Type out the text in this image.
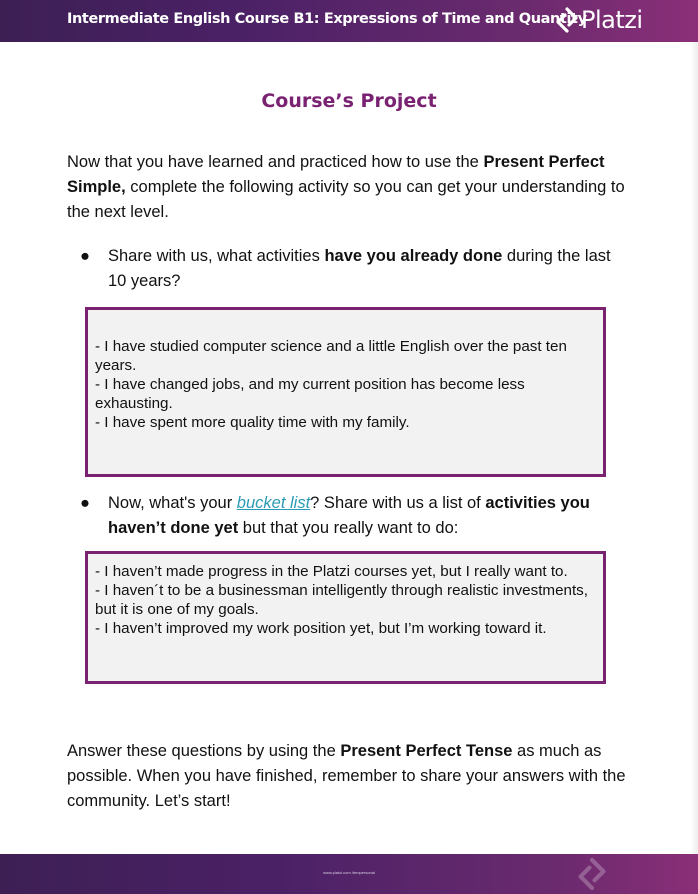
Intermediate English Course B1: Expressions of Time and Quantity
Platzi
Course’s Project
Now that you have learned and practiced how to use the Present Perfect Simple, complete the following activity so you can get your understanding to the next level.
● Share with us, what activities have you already done during the last 10 years?
- I have studied computer science and a little English over the past ten years.
- I have changed jobs, and my current position has become less exhausting.
- I have spent more quality time with my family.
● Now, what's your bucket list? Share with us a list of activities you haven’t done yet but that you really want to do:
- I haven’t made progress in the Platzi courses yet, but I really want to.
- I haven´t to be a businessman intelligently through realistic investments, but it is one of my goals.
- I haven’t improved my work position yet, but I’m working toward it.
Answer these questions by using the Present Perfect Tense as much as possible. When you have finished, remember to share your answers with the community. Let’s start!
www.platzi.com /tempersonal
